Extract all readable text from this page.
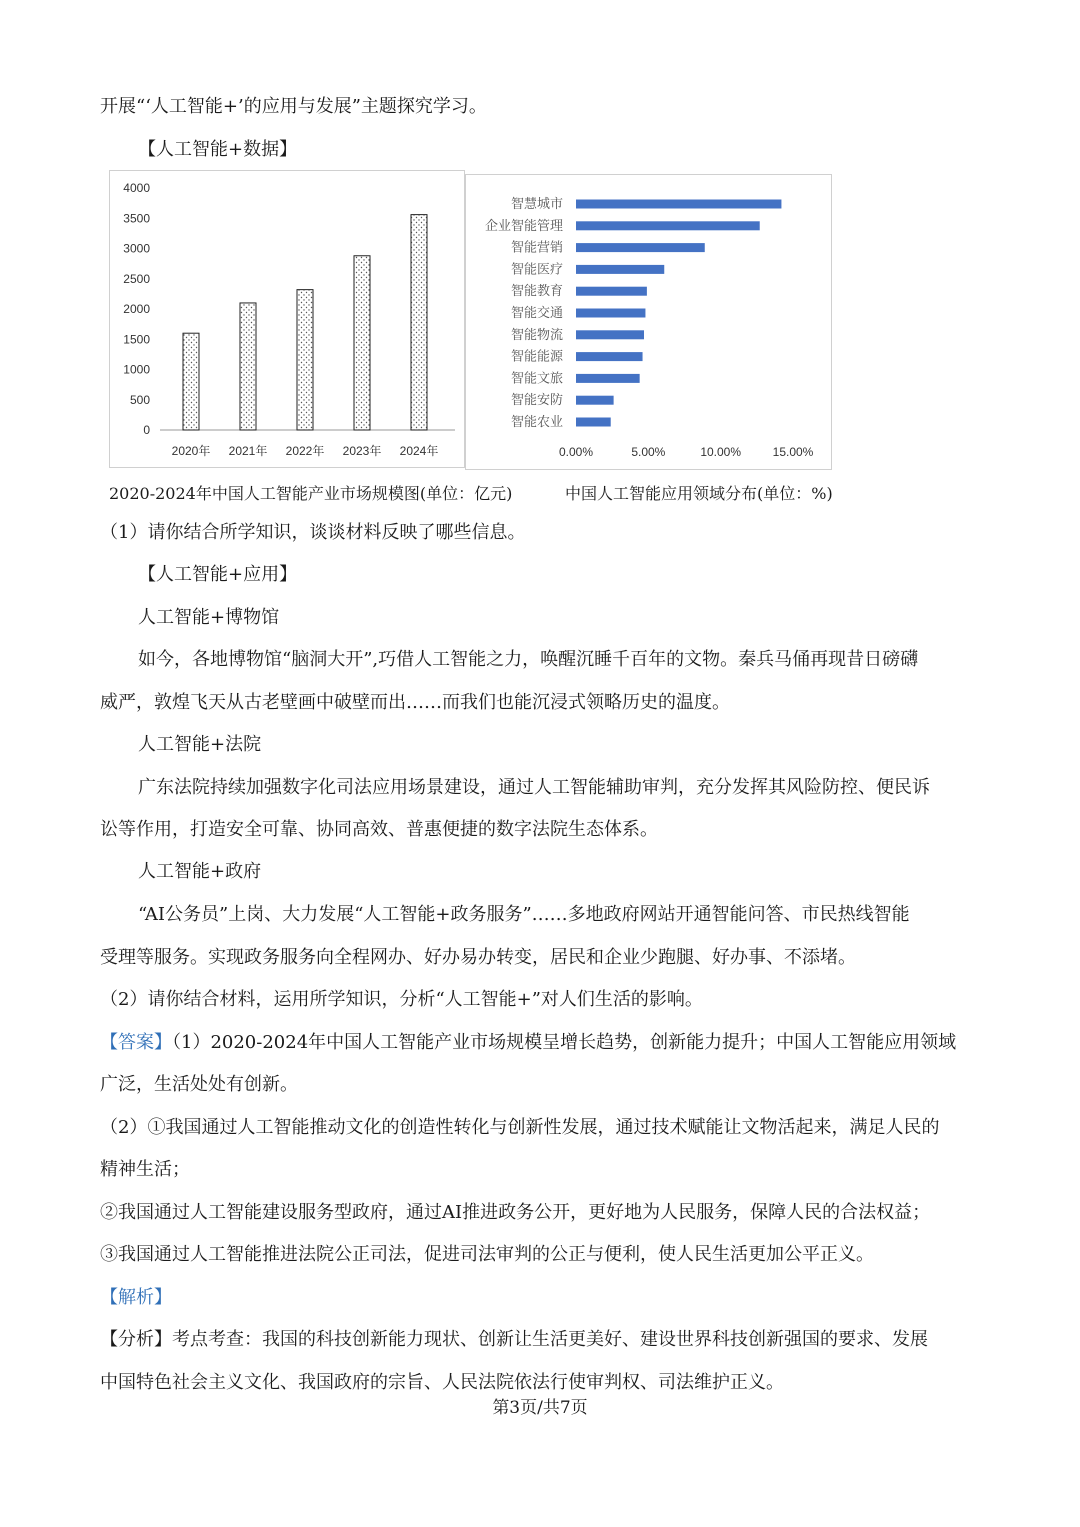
开展“‘人工智能+’的应用与发展”主题探究学习。
【人工智能+数据】
0
500
1000
1500
2000
2500
3000
3500
4000
2020年 2021年 2022年 2023年 2024年
智慧城市
企业智能管理
智能营销
智能医疗
智能教育
智能交通
智能物流
智能能源
智能文旅
智能安防
智能农业
0.00%	5.00%	10.00%	15.00%
2020-2024年中国人工智能产业市场规模图(单位：亿元)	中国人工智能应用领域分布(单位：%)
（1）请你结合所学知识，谈谈材料反映了哪些信息。
【人工智能+应用】
人工智能+博物馆
如今，各地博物馆“脑洞大开”,巧借人工智能之力，唤醒沉睡千百年的文物。秦兵马俑再现昔日磅礴
威严，敦煌飞天从古老壁画中破壁而出……而我们也能沉浸式领略历史的温度。
人工智能+法院
广东法院持续加强数字化司法应用场景建设，通过人工智能辅助审判，充分发挥其风险防控、便民诉
讼等作用，打造安全可靠、协同高效、普惠便捷的数字法院生态体系。
人工智能+政府
“AI公务员”上岗、大力发展“人工智能+政务服务”……多地政府网站开通智能问答、市民热线智能
受理等服务。实现政务服务向全程网办、好办易办转变，居民和企业少跑腿、好办事、不添堵。
（2）请你结合材料，运用所学知识，分析“人工智能+”对人们生活的影响。
【答案】（1）2020-2024年中国人工智能产业市场规模呈增长趋势，创新能力提升；中国人工智能应用领域
广泛，生活处处有创新。
（2）①我国通过人工智能推动文化的创造性转化与创新性发展，通过技术赋能让文物活起来，满足人民的
精神生活；
②我国通过人工智能建设服务型政府，通过AI推进政务公开，更好地为人民服务，保障人民的合法权益；
③我国通过人工智能推进法院公正司法，促进司法审判的公正与便利，使人民生活更加公平正义。
【解析】
【分析】考点考查：我国的科技创新能力现状、创新让生活更美好、建设世界科技创新强国的要求、发展
中国特色社会主义文化、我国政府的宗旨、人民法院依法行使审判权、司法维护正义。
第3页/共7页
